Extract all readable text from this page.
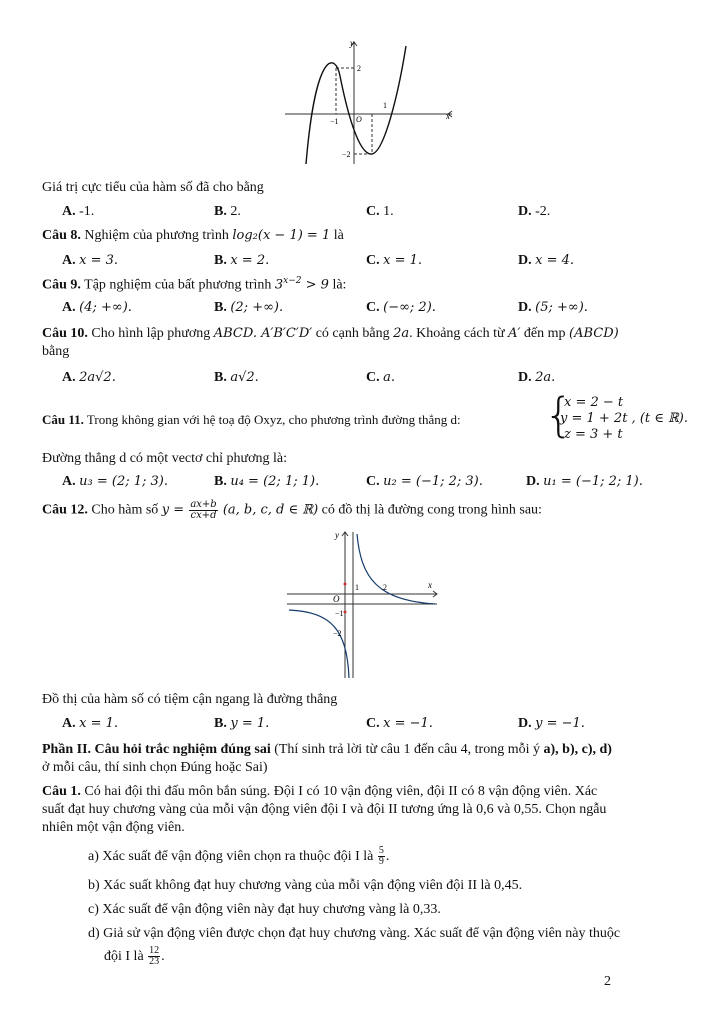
y
x
O
2
−2
−1
1
Giá trị cực tiểu của hàm số đã cho bằng
A. -1.	B. 2.	C. 1.	D. -2.
Câu 8. Nghiệm của phương trình log₂(x − 1) = 1 là
A. x = 3.	B. x = 2.	C. x = 1.	D. x = 4.
Câu 9. Tập nghiệm của bất phương trình $3^{x-2} > 9$ là:
A. (4; +∞).	B. (2; +∞).	C. (−∞; 2).	D. (5; +∞).
Câu 10. Cho hình lập phương ABCD. A′B′C′D′ có cạnh bằng 2a. Khoảng cách từ A′ đến mp (ABCD)
bằng
A. 2a√2.	B. a√2.	C. a.	D. 2a.
Câu 11. Trong không gian với hệ toạ độ Oxyz, cho phương trình đường thẳng d: {
x = 2 − t
y = 1 + 2t , (t ∈ ℝ).
z = 3 + t
Đường thẳng d có một vectơ chỉ phương là:
A. u₃ = (2; 1; 3).	B. u₄ = (2; 1; 1).	C. u₂ = (−1; 2; 3).	D. u₁ = (−1; 2; 1).
Câu 12. Cho hàm số $y = \frac{ax+b}{cx+d} (a$, b, c, d ∈ ℝ) có đồ thị là đường cong trong hình sau:
y
x
O
1	2
−1
−2
Đồ thị của hàm số có tiệm cận ngang là đường thẳng
A. x = 1.	B. y = 1.	C. x = −1.	D. y = −1.
Phần II. Câu hỏi trắc nghiệm đúng sai (Thí sinh trả lời từ câu 1 đến câu 4, trong mỗi ý a), b), c), d)
ở mỗi câu, thí sinh chọn Đúng hoặc Sai)
Câu 1. Có hai đội thi đấu môn bắn súng. Đội I có 10 vận động viên, đội II có 8 vận động viên. Xác
suất đạt huy chương vàng của mỗi vận động viên đội I và đội II tương ứng là 0,6 và 0,55. Chọn ngẫu
nhiên một vận động viên.
a) Xác suất để vận động viên chọn ra thuộc đội I là $\frac{5}{9}$ .
b) Xác suất không đạt huy chương vàng của mỗi vận động viên đội II là 0,45.
c) Xác suất để vận động viên này đạt huy chương vàng là 0,33.
d) Giả sử vận động viên được chọn đạt huy chương vàng. Xác suất để vận động viên này thuộc
đội I là $\frac{12}{23}$ .
2
